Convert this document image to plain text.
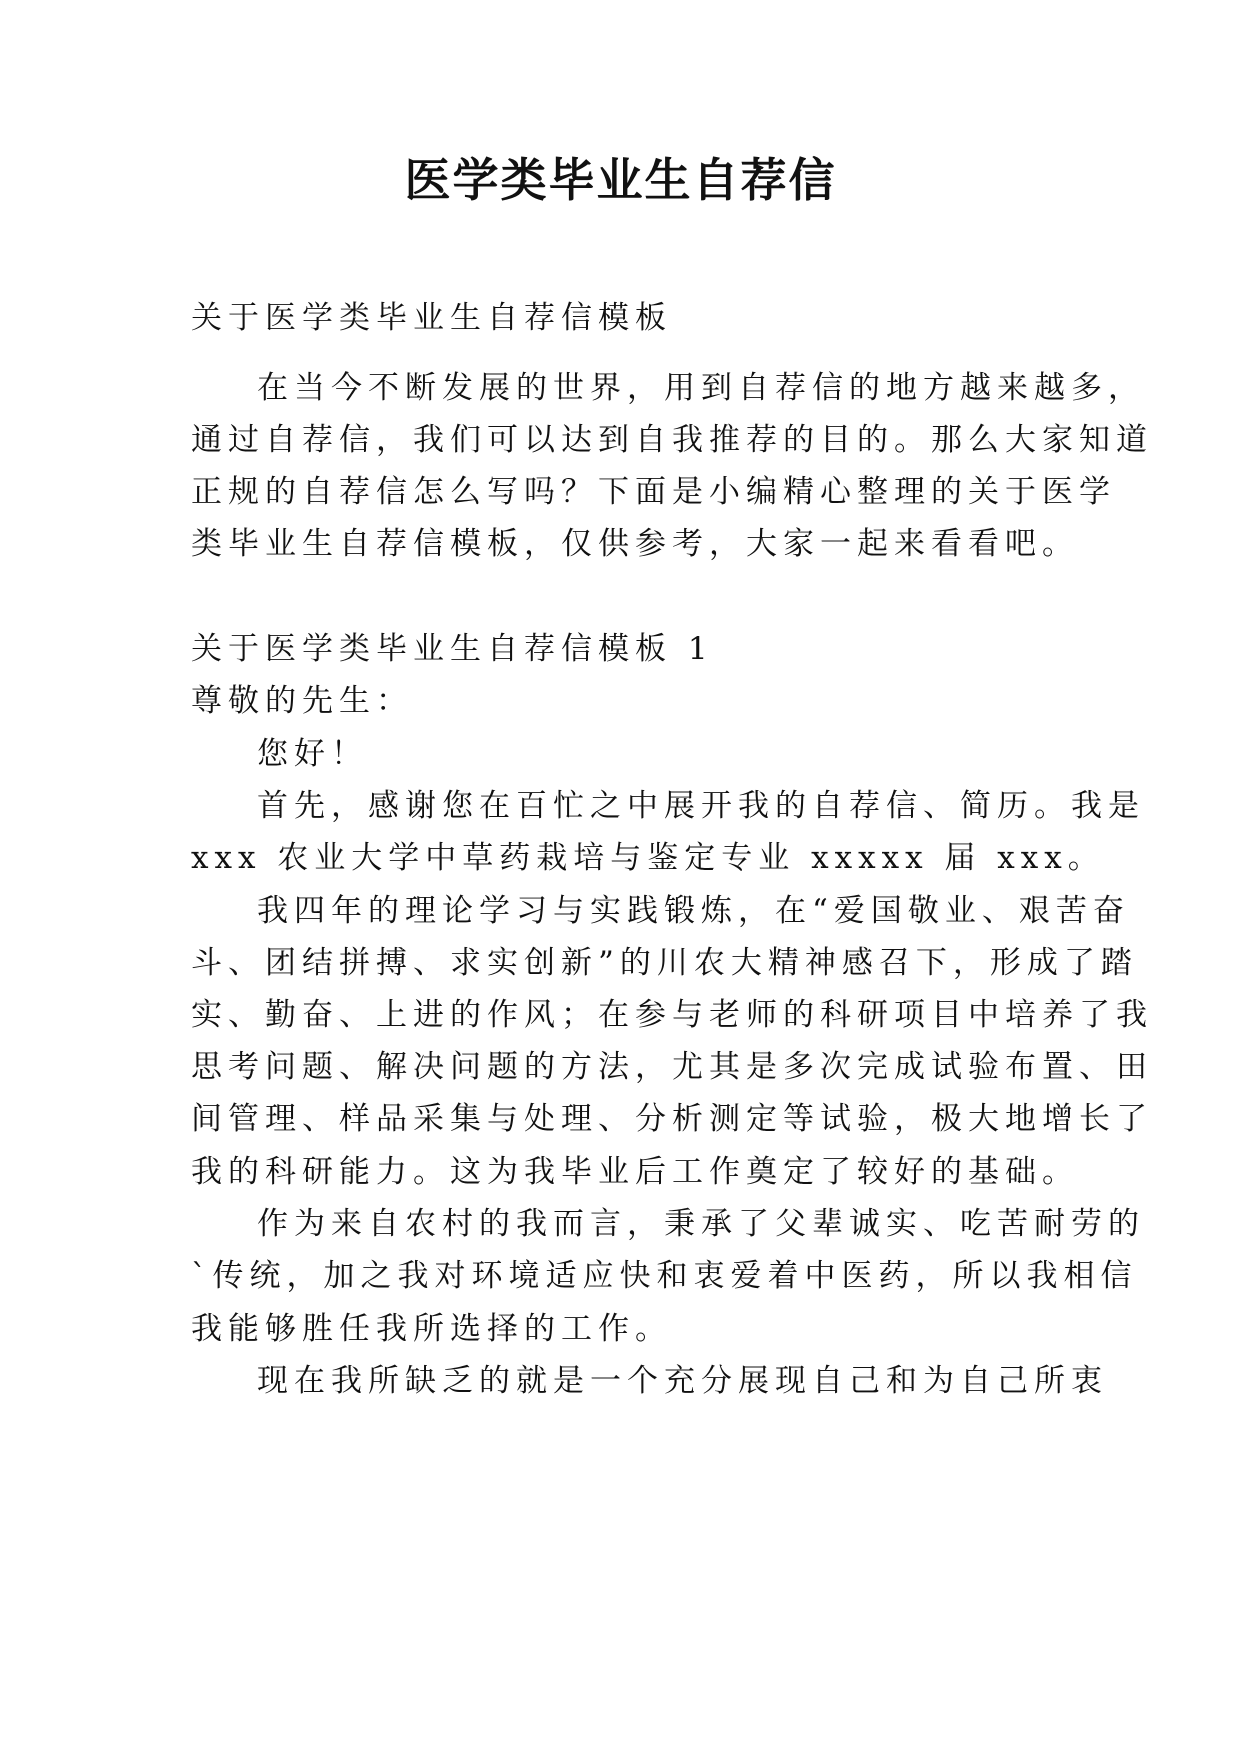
医学类毕业生自荐信
关于医学类毕业生自荐信模板
在当今不断发展的世界，用到自荐信的地方越来越多，
通过自荐信，我们可以达到自我推荐的目的。那么大家知道
正规的自荐信怎么写吗？下面是小编精心整理的关于医学
类毕业生自荐信模板，仅供参考，大家一起来看看吧。
关于医学类毕业生自荐信模板 1
尊敬的先生：
您好！
首先，感谢您在百忙之中展开我的自荐信、简历。我是
xxx 农业大学中草药栽培与鉴定专业 xxxxx 届 xxx。
我四年的理论学习与实践锻炼，在“爱国敬业、艰苦奋
斗、团结拼搏、求实创新”的川农大精神感召下，形成了踏
实、勤奋、上进的作风；在参与老师的科研项目中培养了我
思考问题、解决问题的方法，尤其是多次完成试验布置、田
间管理、样品采集与处理、分析测定等试验，极大地增长了
我的科研能力。这为我毕业后工作奠定了较好的基础。
作为来自农村的我而言，秉承了父辈诚实、吃苦耐劳的
`传统，加之我对环境适应快和衷爱着中医药，所以我相信
我能够胜任我所选择的工作。
现在我所缺乏的就是一个充分展现自己和为自己所衷
